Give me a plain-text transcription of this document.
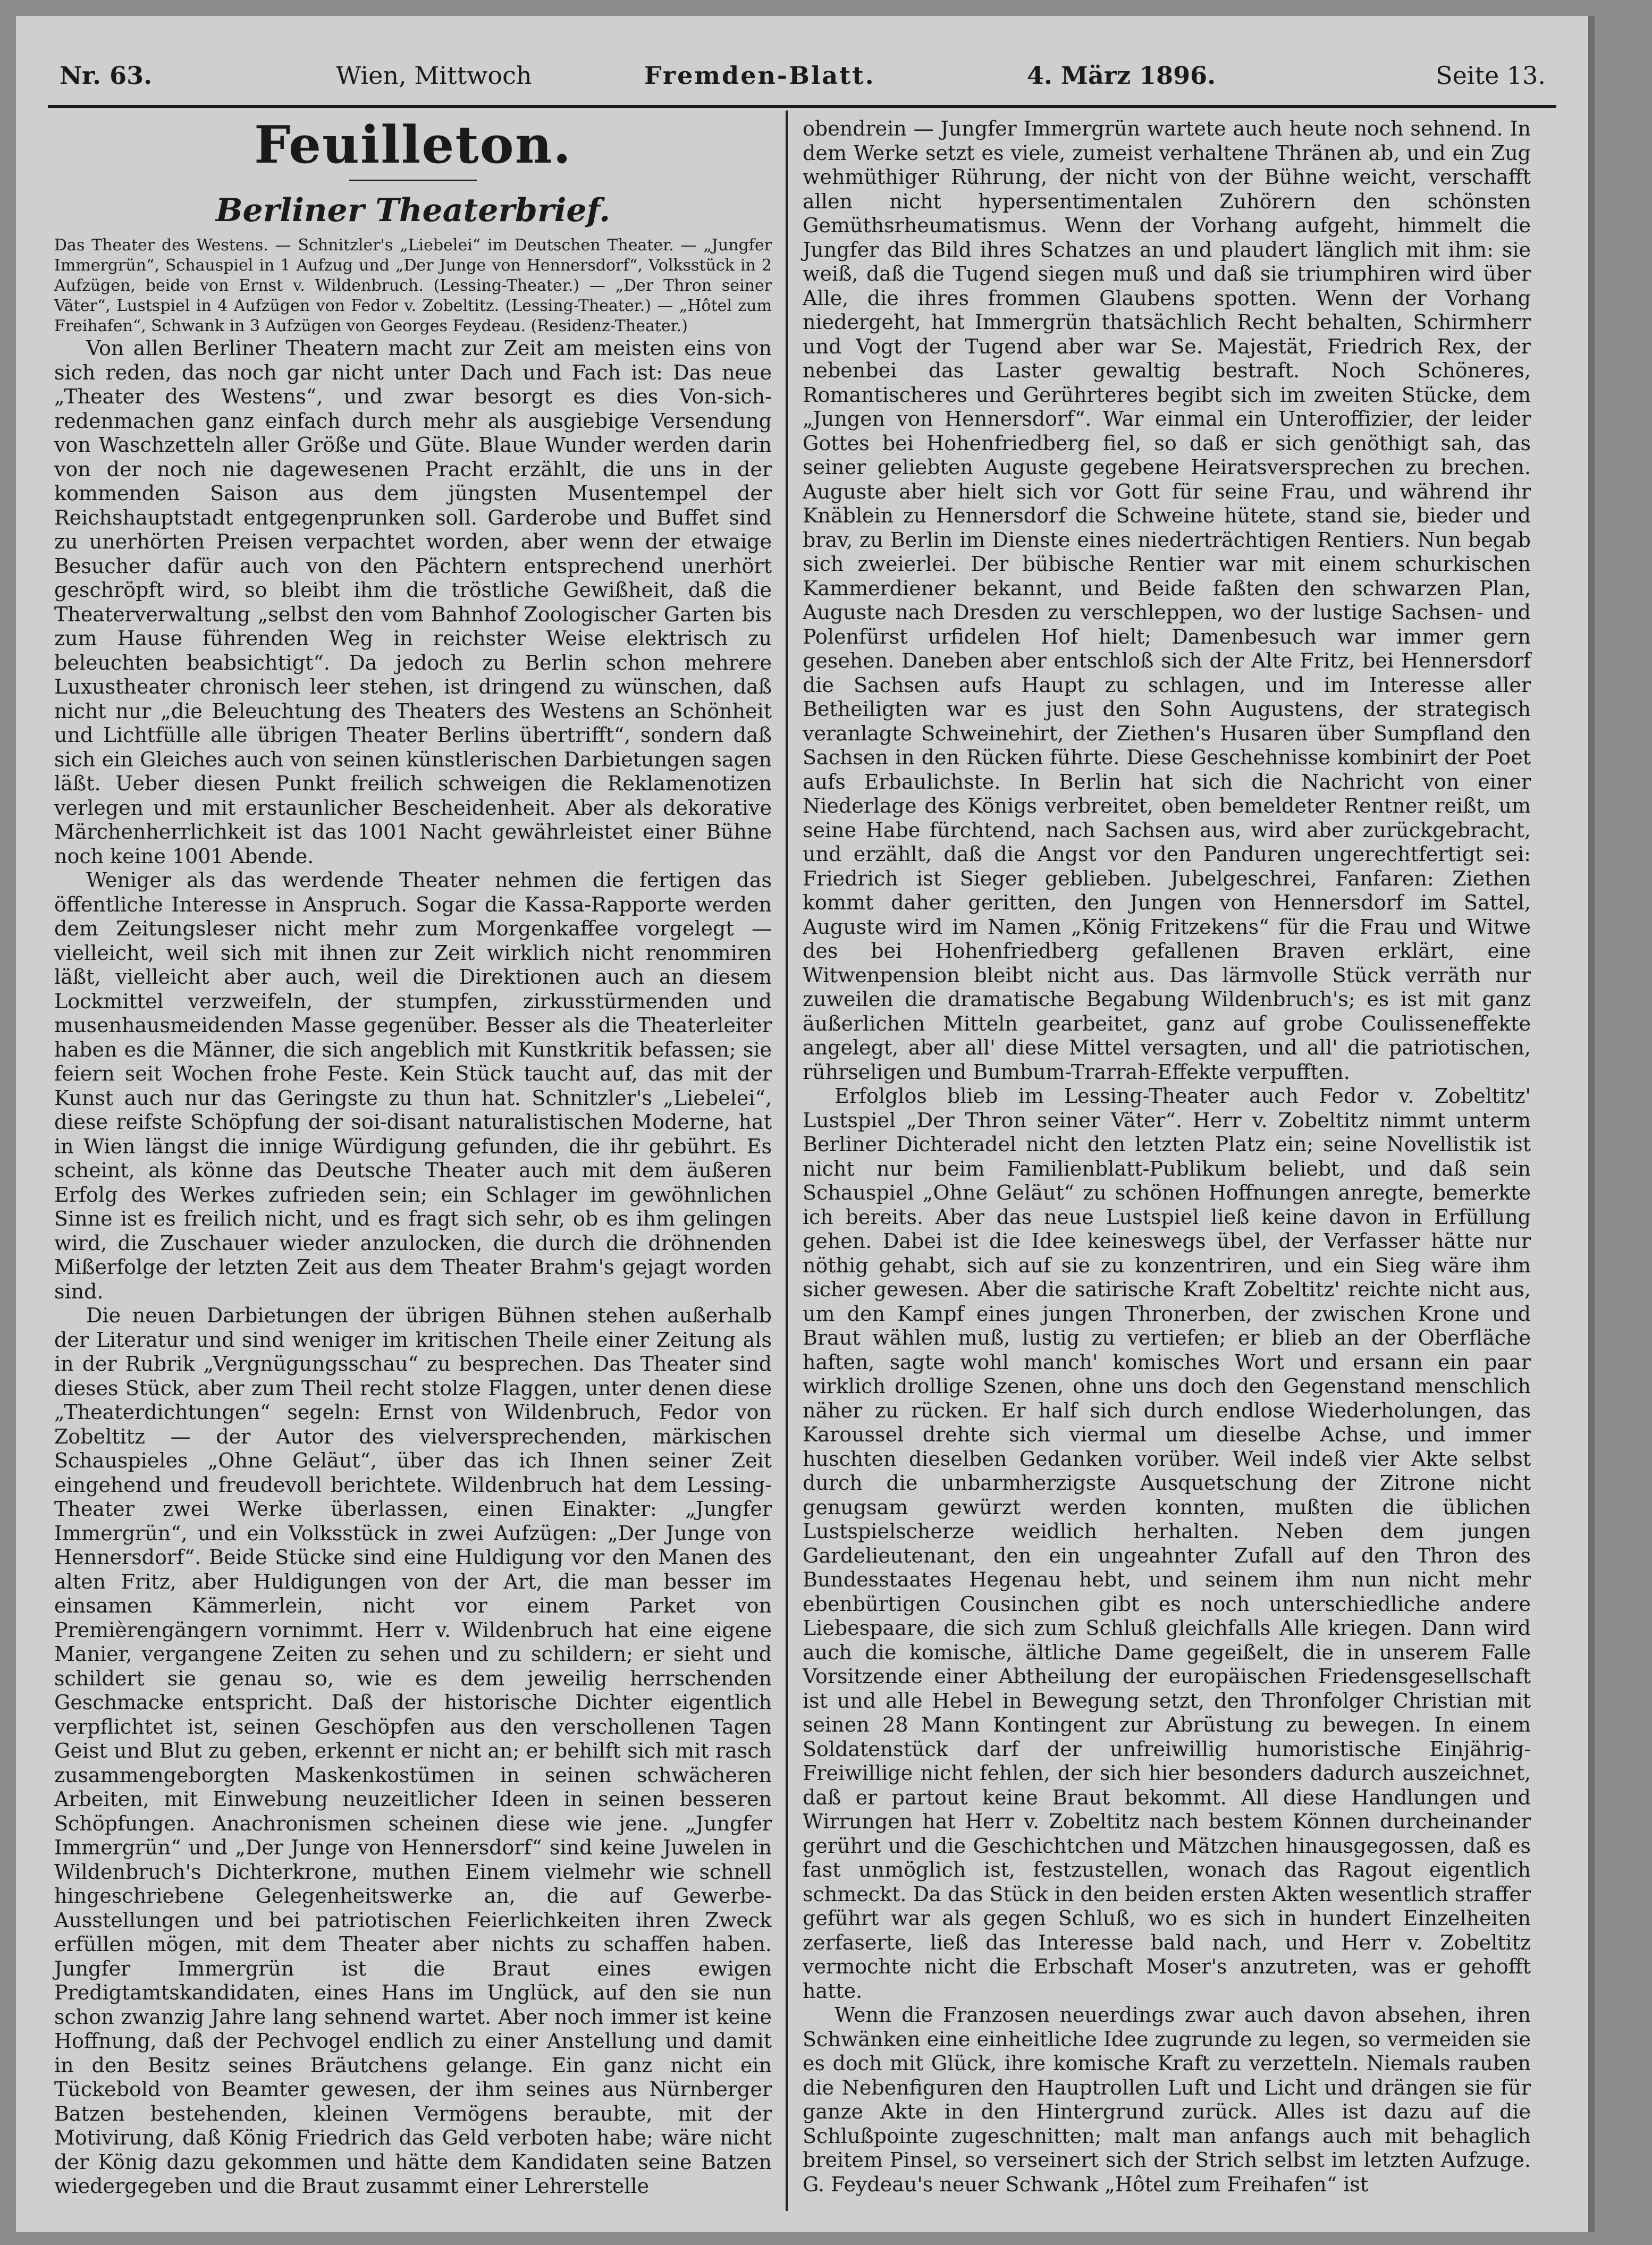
Nr. 63.	Wien, Mittwoch	Fremden-Blatt.	4. März 1896.	Seite 13.
Feuilleton.
Berliner Theaterbrief.

Das Theater des Westens. — Schnitzler's „Liebelei“ im Deutschen Theater. — „Jungfer Immergrün“, Schauspiel in 1 Aufzug und „Der Junge von Hennersdorf“, Volksstück in 2 Aufzügen, beide von Ernst v. Wildenbruch. (Lessing-Theater.) — „Der Thron seiner Väter“, Lustspiel in 4 Aufzügen von Fedor v. Zobeltitz. (Lessing-Theater.) — „Hôtel zum Freihafen“, Schwank in 3 Aufzügen von Georges Feydeau. (Residenz-Theater.)

Von allen Berliner Theatern macht zur Zeit am meisten eins von sich reden, das noch gar nicht unter Dach und Fach ist: Das neue „Theater des Westens“, und zwar besorgt es dies Von-sich-redenmachen ganz einfach durch mehr als ausgiebige Versendung von Waschzetteln aller Größe und Güte. Blaue Wunder werden darin von der noch nie dagewesenen Pracht erzählt, die uns in der kommenden Saison aus dem jüngsten Musentempel der Reichshauptstadt entgegenprunken soll. Garderobe und Buffet sind zu unerhörten Preisen verpachtet worden, aber wenn der etwaige Besucher dafür auch von den Pächtern entsprechend unerhört geschröpft wird, so bleibt ihm die tröstliche Gewißheit, daß die Theaterverwaltung „selbst den vom Bahnhof Zoologischer Garten bis zum Hause führenden Weg in reichster Weise elektrisch zu beleuchten beabsichtigt“. Da jedoch zu Berlin schon mehrere Luxustheater chronisch leer stehen, ist dringend zu wünschen, daß nicht nur „die Beleuchtung des Theaters des Westens an Schönheit und Lichtfülle alle übrigen Theater Berlins übertrifft“, sondern daß sich ein Gleiches auch von seinen künstlerischen Darbietungen sagen läßt. Ueber diesen Punkt freilich schweigen die Reklamenotizen verlegen und mit erstaunlicher Bescheidenheit. Aber als dekorative Märchenherrlichkeit ist das 1001 Nacht gewährleistet einer Bühne noch keine 1001 Abende.

Weniger als das werdende Theater nehmen die fertigen das öffentliche Interesse in Anspruch. Sogar die Kassa-Rapporte werden dem Zeitungsleser nicht mehr zum Morgenkaffee vorgelegt — vielleicht, weil sich mit ihnen zur Zeit wirklich nicht renommiren läßt, vielleicht aber auch, weil die Direktionen auch an diesem Lockmittel verzweifeln, der stumpfen, zirkusstürmenden und musenhausmeidenden Masse gegenüber. Besser als die Theaterleiter haben es die Männer, die sich angeblich mit Kunstkritik befassen; sie feiern seit Wochen frohe Feste. Kein Stück taucht auf, das mit der Kunst auch nur das Geringste zu thun hat. Schnitzler's „Liebelei“, diese reifste Schöpfung der soi-disant naturalistischen Moderne, hat in Wien längst die innige Würdigung gefunden, die ihr gebührt. Es scheint, als könne das Deutsche Theater auch mit dem äußeren Erfolg des Werkes zufrieden sein; ein Schlager im gewöhnlichen Sinne ist es freilich nicht, und es fragt sich sehr, ob es ihm gelingen wird, die Zuschauer wieder anzulocken, die durch die dröhnenden Mißerfolge der letzten Zeit aus dem Theater Brahm's gejagt worden sind.

Die neuen Darbietungen der übrigen Bühnen stehen außerhalb der Literatur und sind weniger im kritischen Theile einer Zeitung als in der Rubrik „Vergnügungsschau“ zu besprechen. Das Theater sind dieses Stück, aber zum Theil recht stolze Flaggen, unter denen diese „Theaterdichtungen“ segeln: Ernst von Wildenbruch, Fedor von Zobeltitz — der Autor des vielversprechenden, märkischen Schauspieles „Ohne Geläut“, über das ich Ihnen seiner Zeit eingehend und freudevoll berichtete. Wildenbruch hat dem Lessing-Theater zwei Werke überlassen, einen Einakter: „Jungfer Immergrün“, und ein Volksstück in zwei Aufzügen: „Der Junge von Hennersdorf“. Beide Stücke sind eine Huldigung vor den Manen des alten Fritz, aber Huldigungen von der Art, die man besser im einsamen Kämmerlein, nicht vor einem Parket von Premièrengängern vornimmt. Herr v. Wildenbruch hat eine eigene Manier, vergangene Zeiten zu sehen und zu schildern; er sieht und schildert sie genau so, wie es dem jeweilig herrschenden Geschmacke entspricht. Daß der historische Dichter eigentlich verpflichtet ist, seinen Geschöpfen aus den verschollenen Tagen Geist und Blut zu geben, erkennt er nicht an; er behilft sich mit rasch zusammengeborgten Maskenkostümen in seinen schwächeren Arbeiten, mit Einwebung neuzeitlicher Ideen in seinen besseren Schöpfungen. Anachronismen scheinen diese wie jene. „Jungfer Immergrün“ und „Der Junge von Hennersdorf“ sind keine Juwelen in Wildenbruch's Dichterkrone, muthen Einem vielmehr wie schnell hingeschriebene Gelegenheitswerke an, die auf Gewerbe-Ausstellungen und bei patriotischen Feierlichkeiten ihren Zweck erfüllen mögen, mit dem Theater aber nichts zu schaffen haben. Jungfer Immergrün ist die Braut eines ewigen Predigtamtskandidaten, eines Hans im Unglück, auf den sie nun schon zwanzig Jahre lang sehnend wartet. Aber noch immer ist keine Hoffnung, daß der Pechvogel endlich zu einer Anstellung und damit in den Besitz seines Bräutchens gelange. Ein ganz nicht ein Tückebold von Beamter gewesen, der ihm seines aus Nürnberger Batzen bestehenden, kleinen Vermögens beraubte, mit der Motivirung, daß König Friedrich das Geld verboten habe; wäre nicht der König dazu gekommen und hätte dem Kandidaten seine Batzen wiedergegeben und die Braut zusammt einer Lehrerstelle

obendrein — Jungfer Immergrün wartete auch heute noch sehnend. In dem Werke setzt es viele, zumeist verhaltene Thränen ab, und ein Zug wehmüthiger Rührung, der nicht von der Bühne weicht, verschafft allen nicht hypersentimentalen Zuhörern den schönsten Gemüthsrheumatismus. Wenn der Vorhang aufgeht, himmelt die Jungfer das Bild ihres Schatzes an und plaudert länglich mit ihm: sie weiß, daß die Tugend siegen muß und daß sie triumphiren wird über Alle, die ihres frommen Glaubens spotten. Wenn der Vorhang niedergeht, hat Immergrün thatsächlich Recht behalten, Schirmherr und Vogt der Tugend aber war Se. Majestät, Friedrich Rex, der nebenbei das Laster gewaltig bestraft. Noch Schöneres, Romantischeres und Gerührteres begibt sich im zweiten Stücke, dem „Jungen von Hennersdorf“. War einmal ein Unteroffizier, der leider Gottes bei Hohenfriedberg fiel, so daß er sich genöthigt sah, das seiner geliebten Auguste gegebene Heiratsversprechen zu brechen. Auguste aber hielt sich vor Gott für seine Frau, und während ihr Knäblein zu Hennersdorf die Schweine hütete, stand sie, bieder und brav, zu Berlin im Dienste eines niederträchtigen Rentiers. Nun begab sich zweierlei. Der bübische Rentier war mit einem schurkischen Kammerdiener bekannt, und Beide faßten den schwarzen Plan, Auguste nach Dresden zu verschleppen, wo der lustige Sachsen- und Polenfürst urfidelen Hof hielt; Damenbesuch war immer gern gesehen. Daneben aber entschloß sich der Alte Fritz, bei Hennersdorf die Sachsen aufs Haupt zu schlagen, und im Interesse aller Betheiligten war es just den Sohn Augustens, der strategisch veranlagte Schweinehirt, der Ziethen's Husaren über Sumpfland den Sachsen in den Rücken führte. Diese Geschehnisse kombinirt der Poet aufs Erbaulichste. In Berlin hat sich die Nachricht von einer Niederlage des Königs verbreitet, oben bemeldeter Rentner reißt, um seine Habe fürchtend, nach Sachsen aus, wird aber zurückgebracht, und erzählt, daß die Angst vor den Panduren ungerechtfertigt sei: Friedrich ist Sieger geblieben. Jubelgeschrei, Fanfaren: Ziethen kommt daher geritten, den Jungen von Hennersdorf im Sattel, Auguste wird im Namen „König Fritzekens“ für die Frau und Witwe des bei Hohenfriedberg gefallenen Braven erklärt, eine Witwenpension bleibt nicht aus. Das lärmvolle Stück verräth nur zuweilen die dramatische Begabung Wildenbruch's; es ist mit ganz äußerlichen Mitteln gearbeitet, ganz auf grobe Coulisseneffekte angelegt, aber all' diese Mittel versagten, und all' die patriotischen, rührseligen und Bumbum-Trarrah-Effekte verpufften.

Erfolglos blieb im Lessing-Theater auch Fedor v. Zobeltitz' Lustspiel „Der Thron seiner Väter“. Herr v. Zobeltitz nimmt unterm Berliner Dichteradel nicht den letzten Platz ein; seine Novellistik ist nicht nur beim Familienblatt-Publikum beliebt, und daß sein Schauspiel „Ohne Geläut“ zu schönen Hoffnungen anregte, bemerkte ich bereits. Aber das neue Lustspiel ließ keine davon in Erfüllung gehen. Dabei ist die Idee keineswegs übel, der Verfasser hätte nur nöthig gehabt, sich auf sie zu konzentriren, und ein Sieg wäre ihm sicher gewesen. Aber die satirische Kraft Zobeltitz' reichte nicht aus, um den Kampf eines jungen Thronerben, der zwischen Krone und Braut wählen muß, lustig zu vertiefen; er blieb an der Oberfläche haften, sagte wohl manch' komisches Wort und ersann ein paar wirklich drollige Szenen, ohne uns doch den Gegenstand menschlich näher zu rücken. Er half sich durch endlose Wiederholungen, das Karoussel drehte sich viermal um dieselbe Achse, und immer huschten dieselben Gedanken vorüber. Weil indeß vier Akte selbst durch die unbarmherzigste Ausquetschung der Zitrone nicht genugsam gewürzt werden konnten, mußten die üblichen Lustspielscherze weidlich herhalten. Neben dem jungen Gardelieutenant, den ein ungeahnter Zufall auf den Thron des Bundesstaates Hegenau hebt, und seinem ihm nun nicht mehr ebenbürtigen Cousinchen gibt es noch unterschiedliche andere Liebespaare, die sich zum Schluß gleichfalls Alle kriegen. Dann wird auch die komische, ältliche Dame gegeißelt, die in unserem Falle Vorsitzende einer Abtheilung der europäischen Friedensgesellschaft ist und alle Hebel in Bewegung setzt, den Thronfolger Christian mit seinen 28 Mann Kontingent zur Abrüstung zu bewegen. In einem Soldatenstück darf der unfreiwillig humoristische Einjährig-Freiwillige nicht fehlen, der sich hier besonders dadurch auszeichnet, daß er partout keine Braut bekommt. All diese Handlungen und Wirrungen hat Herr v. Zobeltitz nach bestem Können durcheinander gerührt und die Geschichtchen und Mätzchen hinausgegossen, daß es fast unmöglich ist, festzustellen, wonach das Ragout eigentlich schmeckt. Da das Stück in den beiden ersten Akten wesentlich straffer geführt war als gegen Schluß, wo es sich in hundert Einzelheiten zerfaserte, ließ das Interesse bald nach, und Herr v. Zobeltitz vermochte nicht die Erbschaft Moser's anzutreten, was er gehofft hatte.

Wenn die Franzosen neuerdings zwar auch davon absehen, ihren Schwänken eine einheitliche Idee zugrunde zu legen, so vermeiden sie es doch mit Glück, ihre komische Kraft zu verzetteln. Niemals rauben die Nebenfiguren den Hauptrollen Luft und Licht und drängen sie für ganze Akte in den Hintergrund zurück. Alles ist dazu auf die Schlußpointe zugeschnitten; malt man anfangs auch mit behaglich breitem Pinsel, so verseinert sich der Strich selbst im letzten Aufzuge. G. Feydeau's neuer Schwank „Hôtel zum Freihafen“ ist
